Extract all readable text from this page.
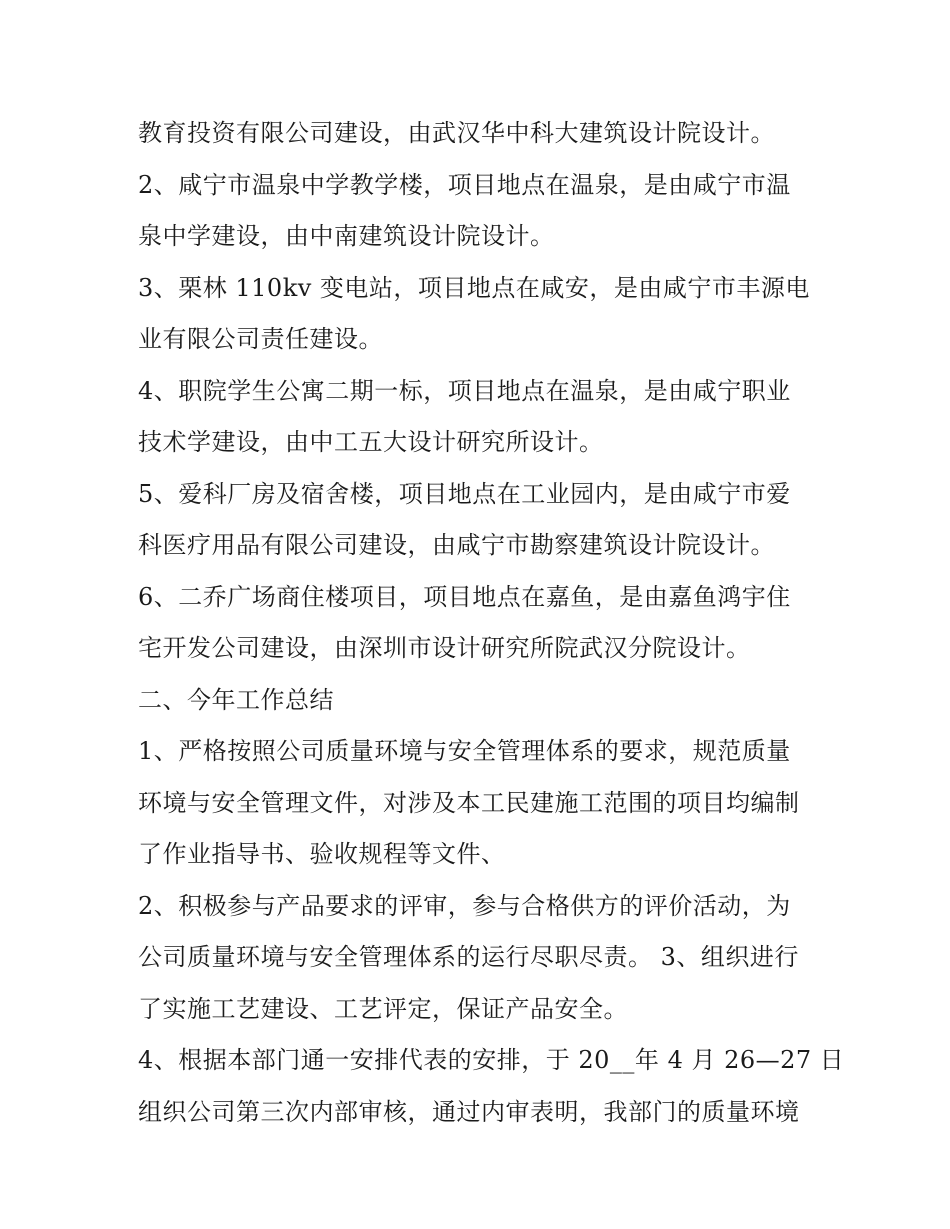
教育投资有限公司建设，由武汉华中科大建筑设计院设计。
2、咸宁市温泉中学教学楼，项目地点在温泉，是由咸宁市温
泉中学建设，由中南建筑设计院设计。
3、栗林 110kv 变电站，项目地点在咸安，是由咸宁市丰源电
业有限公司责任建设。
4、职院学生公寓二期一标，项目地点在温泉，是由咸宁职业
技术学建设，由中工五大设计研究所设计。
5、爱科厂房及宿舍楼，项目地点在工业园内，是由咸宁市爱
科医疗用品有限公司建设，由咸宁市勘察建筑设计院设计。
6、二乔广场商住楼项目，项目地点在嘉鱼，是由嘉鱼鸿宇住
宅开发公司建设，由深圳市设计研究所院武汉分院设计。
二、今年工作总结
1、严格按照公司质量环境与安全管理体系的要求，规范质量
环境与安全管理文件，对涉及本工民建施工范围的项目均编制
了作业指导书、验收规程等文件、
2、积极参与产品要求的评审，参与合格供方的评价活动，为
公司质量环境与安全管理体系的运行尽职尽责。 3、组织进行
了实施工艺建设、工艺评定，保证产品安全。
4、根据本部门通一安排代表的安排，于 20__年 4 月 26—27 日
组织公司第三次内部审核，通过内审表明，我部门的质量环境
